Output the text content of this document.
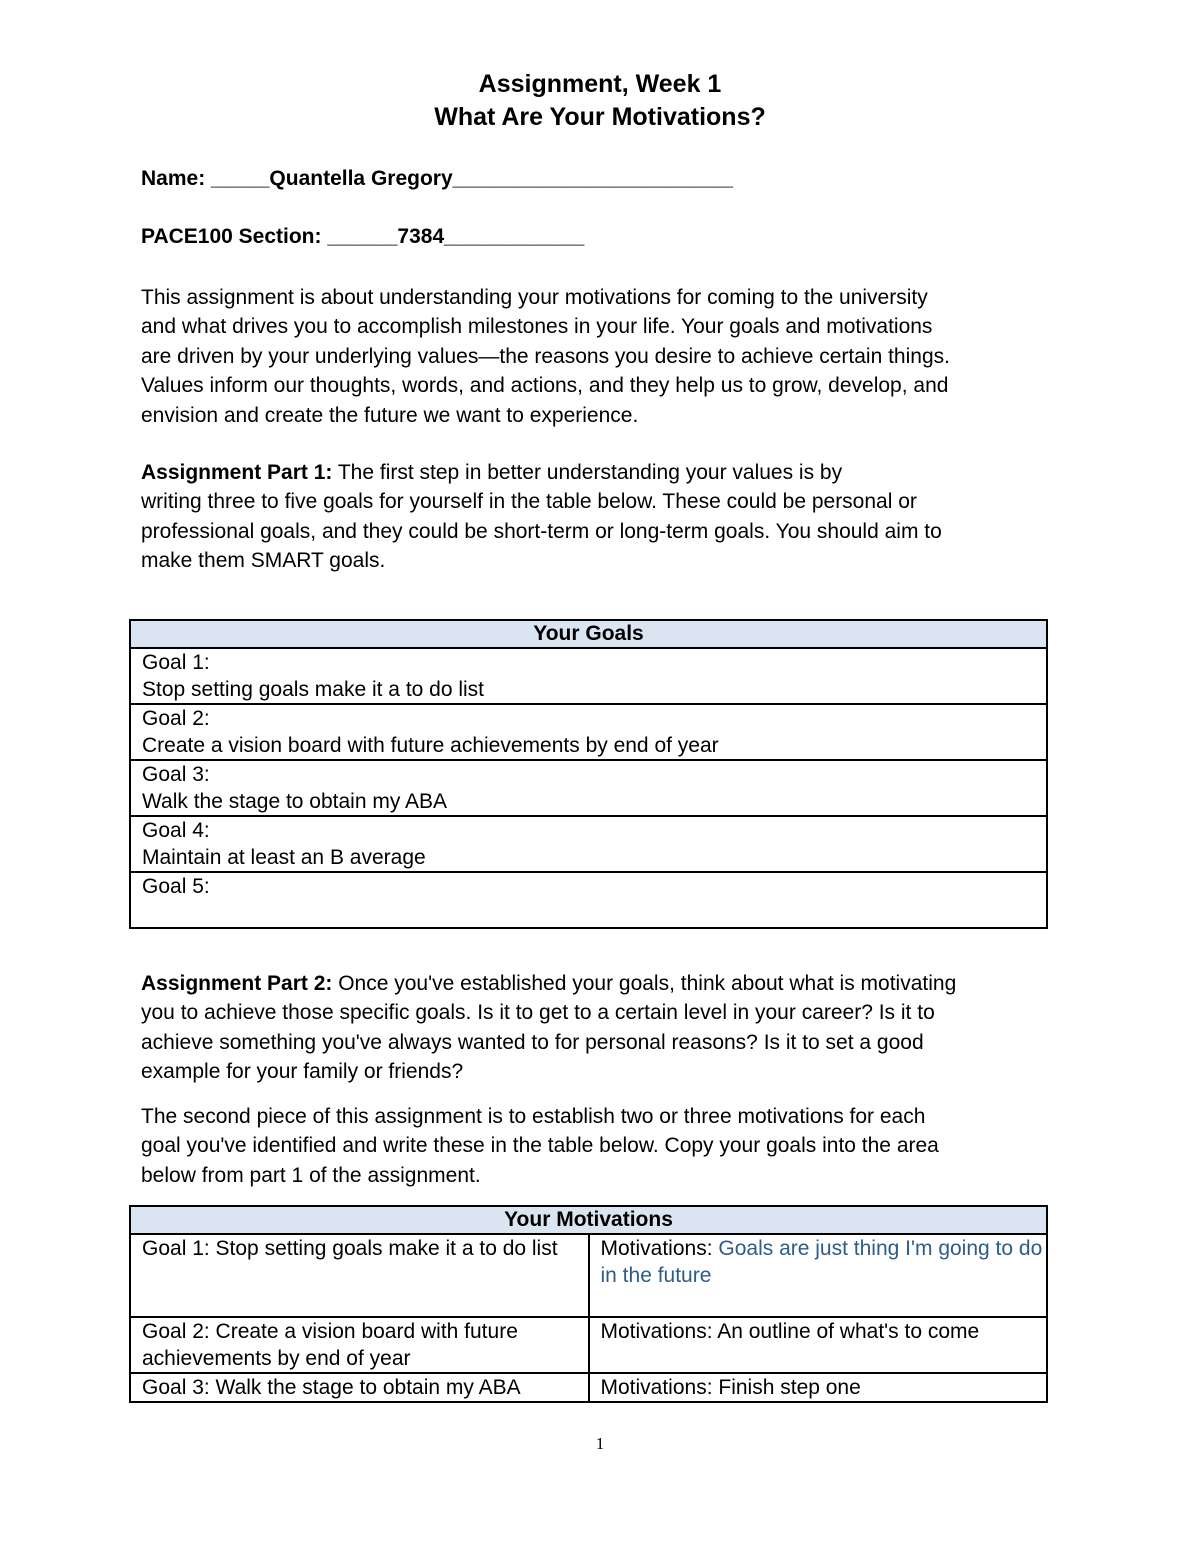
Assignment, Week 1
What Are Your Motivations?
Name: _____Quantella Gregory________________________
PACE100 Section: ______7384____________
This assignment is about understanding your motivations for coming to the university
and what drives you to accomplish milestones in your life. Your goals and motivations
are driven by your underlying values—the reasons you desire to achieve certain things.
Values inform our thoughts, words, and actions, and they help us to grow, develop, and
envision and create the future we want to experience.
Assignment Part 1: The first step in better understanding your values is by
writing three to five goals for yourself in the table below. These could be personal or
professional goals, and they could be short-term or long-term goals. You should aim to
make them SMART goals.
Your Goals

Goal 1:
Stop setting goals make it a to do list

Goal 2:
Create a vision board with future achievements by end of year

Goal 3:
Walk the stage to obtain my ABA

Goal 4:
Maintain at least an B average

Goal 5:
Assignment Part 2: Once you've established your goals, think about what is motivating
you to achieve those specific goals. Is it to get to a certain level in your career? Is it to
achieve something you've always wanted to for personal reasons? Is it to set a good
example for your family or friends?
The second piece of this assignment is to establish two or three motivations for each
goal you've identified and write these in the table below. Copy your goals into the area
below from part 1 of the assignment.
Your Motivations	
Goal 1: Stop setting goals make it a to do list	Motivations: Goals are just thing I'm going to do in the future
Goal 2: Create a vision board with future achievements by end of year	Motivations: An outline of what's to come
Goal 3: Walk the stage to obtain my ABA	Motivations: Finish step one
1
